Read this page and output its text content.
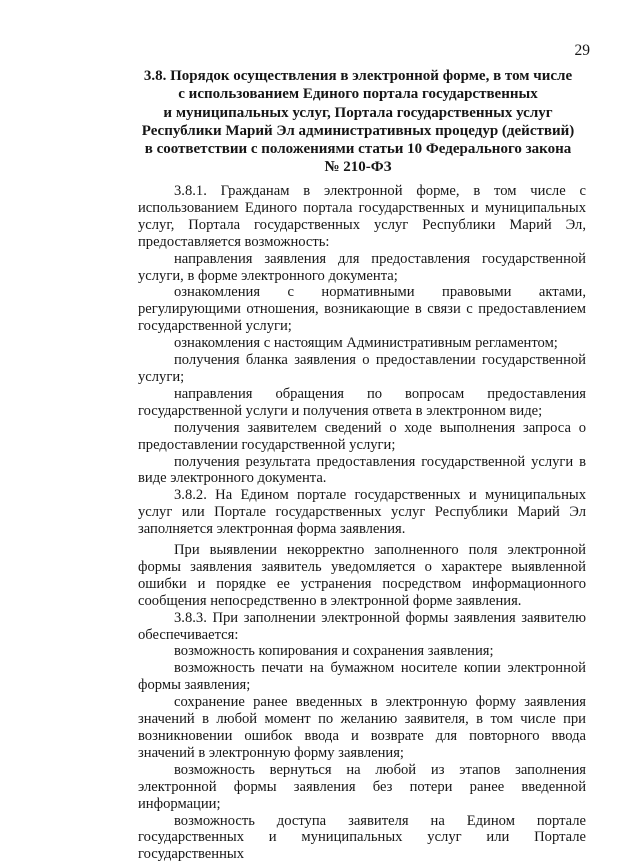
29
3.8. Порядок осуществления в электронной форме, в том числе
с использованием Единого портала государственных
и муниципальных услуг, Портала государственных услуг
Республики Марий Эл административных процедур (действий)
в соответствии с положениями статьи 10 Федерального закона
№ 210-ФЗ

3.8.1. Гражданам в электронной форме, в том числе с использованием Единого портала государственных и муниципальных услуг, Портала государственных услуг Республики Марий Эл, предоставляется возможность:

направления заявления для предоставления государственной услуги, в форме электронного документа;

ознакомления с нормативными правовыми актами, регулирующими отношения, возникающие в связи с предоставлением государственной услуги;

ознакомления с настоящим Административным регламентом;

получения бланка заявления о предоставлении государственной услуги;

направления обращения по вопросам предоставления государственной услуги и получения ответа в электронном виде;

получения заявителем сведений о ходе выполнения запроса о предоставлении государственной услуги;

получения результата предоставления государственной услуги в виде электронного документа.

3.8.2. На Едином портале государственных и муниципальных услуг или Портале государственных услуг Республики Марий Эл заполняется электронная форма заявления.

При выявлении некорректно заполненного поля электронной формы заявления заявитель уведомляется о характере выявленной ошибки и порядке ее устранения посредством информационного сообщения непосредственно в электронной форме заявления.

3.8.3. При заполнении электронной формы заявления заявителю обеспечивается:

возможность копирования и сохранения заявления;

возможность печати на бумажном носителе копии электронной формы заявления;

сохранение ранее введенных в электронную форму заявления значений в любой момент по желанию заявителя, в том числе при возникновении ошибок ввода и возврате для повторного ввода значений в электронную форму заявления;

возможность вернуться на любой из этапов заполнения электронной формы заявления без потери ранее введенной информации;

возможность доступа заявителя на Едином портале государственных и муниципальных услуг или Портале государственных
